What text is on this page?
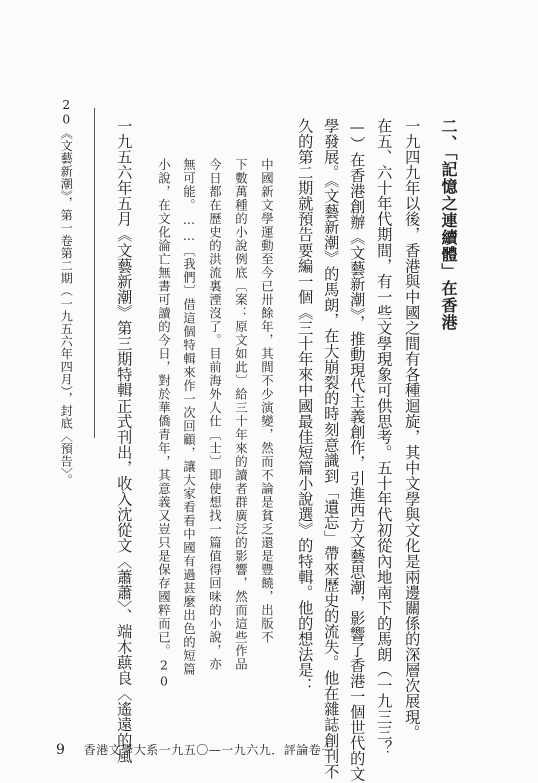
二、「記憶之連續體」在香港
一九四九年以後，香港與中國之間有各種迴旋，其中文學與文化是兩邊關係的深層次展現。
在五、六十年代期間，有一些文學現象可供思考。五十年代初從內地南下的馬朗（一九三三？
—）在香港創辦《文藝新潮》，推動現代主義創作，引進西方文藝思潮，影響了香港一個世代的文
學發展。《文藝新潮》的馬朗，在大崩裂的時刻意識到「遺忘」帶來歷史的流失。他在雜誌創刊不
久的第二期就預告要編一個《三十年來中國最佳短篇小說選》的特輯。他的想法是：
中國新文學運動至今已卅餘年，其間不少演變，然而不論是貧乏還是豐饒，出版不
下數萬種的小說例底〔案：原文如此〕給三十年來的讀者群廣泛的影響，然而這些作品
今日都在歷史的洪流裏湮沒了。目前海外人仕〔士〕即使想找一篇值得回味的小說，亦
無可能。……〔我們〕借這個特輯來作一次回顧，讓大家看看中國有過甚麼出色的短篇
小說，在文化淪亡無書可讀的今日，對於華僑青年，其意義又豈只是保存國粹而已。20
一九五六年五月《文藝新潮》第三期特輯正式刊出，收入沈從文〈蕭蕭〉、端木蕻良〈遙遠的風
20《文藝新潮》，第一卷第二期（一九五六年四月），封底〈預告〉。
9 香港文學大系一九五〇—一九六九．評論卷一
